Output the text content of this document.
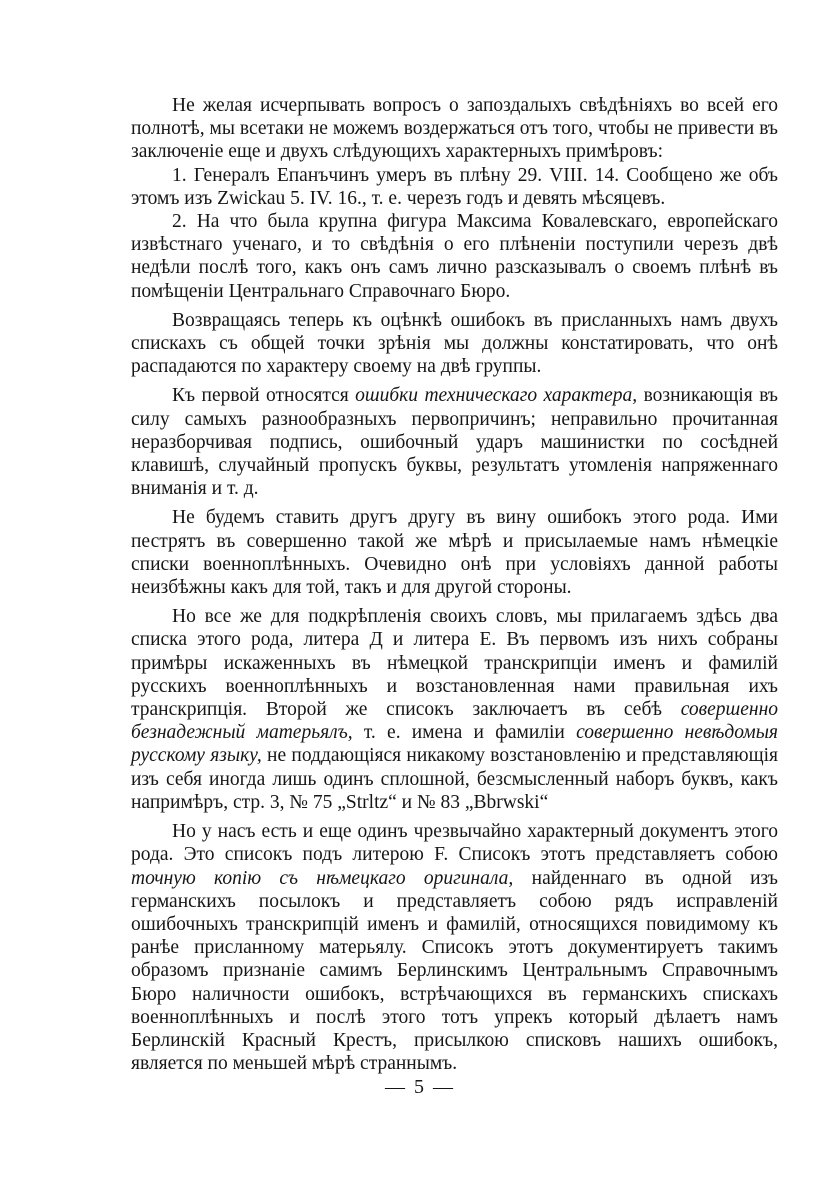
Не желая исчерпывать вопросъ о запоздалыхъ свѣдѣніяхъ во всей его полнотѣ, мы всетаки не можемъ воздержаться отъ того, чтобы не привести въ заключеніе еще и двухъ слѣдующихъ характерныхъ примѣровъ:

1. Генералъ Епанъчинъ умеръ въ плѣну 29. VIII. 14. Сообщено же объ этомъ изъ Zwickau 5. IV. 16., т. е. черезъ годъ и девять мѣсяцевъ.

2. На что была крупна фигура Максима Ковалевскаго, европейскаго извѣстнаго ученаго, и то свѣдѣнія о его плѣненіи поступили черезъ двѣ недѣли послѣ того, какъ онъ самъ лично разсказывалъ о своемъ плѣнѣ въ помѣщеніи Центральнаго Справочнаго Бюро.

Возвращаясь теперь къ оцѣнкѣ ошибокъ въ присланныхъ намъ двухъ спискахъ съ общей точки зрѣнія мы должны констатировать, что онѣ распадаются по характеру своему на двѣ группы.

Къ первой относятся ошибки техническаго характера, возникающія въ силу самыхъ разнообразныхъ первопричинъ; неправильно прочитанная неразборчивая подпись, ошибочный ударъ машинистки по сосѣдней клавишѣ, случайный пропускъ буквы, результатъ утомленія напряженнаго вниманія и т. д.

Не будемъ ставить другъ другу въ вину ошибокъ этого рода. Ими пестрятъ въ совершенно такой же мѣрѣ и присылаемые намъ нѣмецкіе списки военноплѣнныхъ. Очевидно онѣ при условіяхъ данной работы неизбѣжны какъ для той, такъ и для другой стороны.

Но все же для подкрѣпленія своихъ словъ, мы прилагаемъ здѣсь два списка этого рода, литера Д и литера Е. Въ первомъ изъ нихъ собраны примѣры искаженныхъ въ нѣмецкой транскрипціи именъ и фамилій русскихъ военноплѣнныхъ и возстановленная нами правильная ихъ транскрипція. Второй же списокъ заключаетъ въ себѣ совершенно безнадежный матерьялъ, т. е. имена и фамиліи совершенно невѣдомыя русскому языку, не поддающіяся никакому возстановленію и представляющія изъ себя иногда лишь одинъ сплошной, безсмысленный наборъ буквъ, какъ напримѣръ, стр. 3, № 75 „Strltz“ и № 83 „Bbrwski“

Но у насъ есть и еще одинъ чрезвычайно характерный документъ этого рода. Это списокъ подъ литерою F. Списокъ этотъ представляетъ собою точную копію съ нѣмецкаго оригинала, найденнаго въ одной изъ германскихъ посылокъ и представляетъ собою рядъ исправленій ошибочныхъ транскрипцій именъ и фамилій, относящихся повидимому къ ранѣе присланному матерьялу. Списокъ этотъ документируетъ такимъ образомъ признаніе самимъ Берлинскимъ Центральнымъ Справочнымъ Бюро наличности ошибокъ, встрѣчающихся въ германскихъ спискахъ военноплѣнныхъ и послѣ этого тотъ упрекъ который дѣлаетъ намъ Берлинскій Красный Крестъ, присылкою списковъ нашихъ ошибокъ, является по меньшей мѣрѣ страннымъ.

— 5 —
